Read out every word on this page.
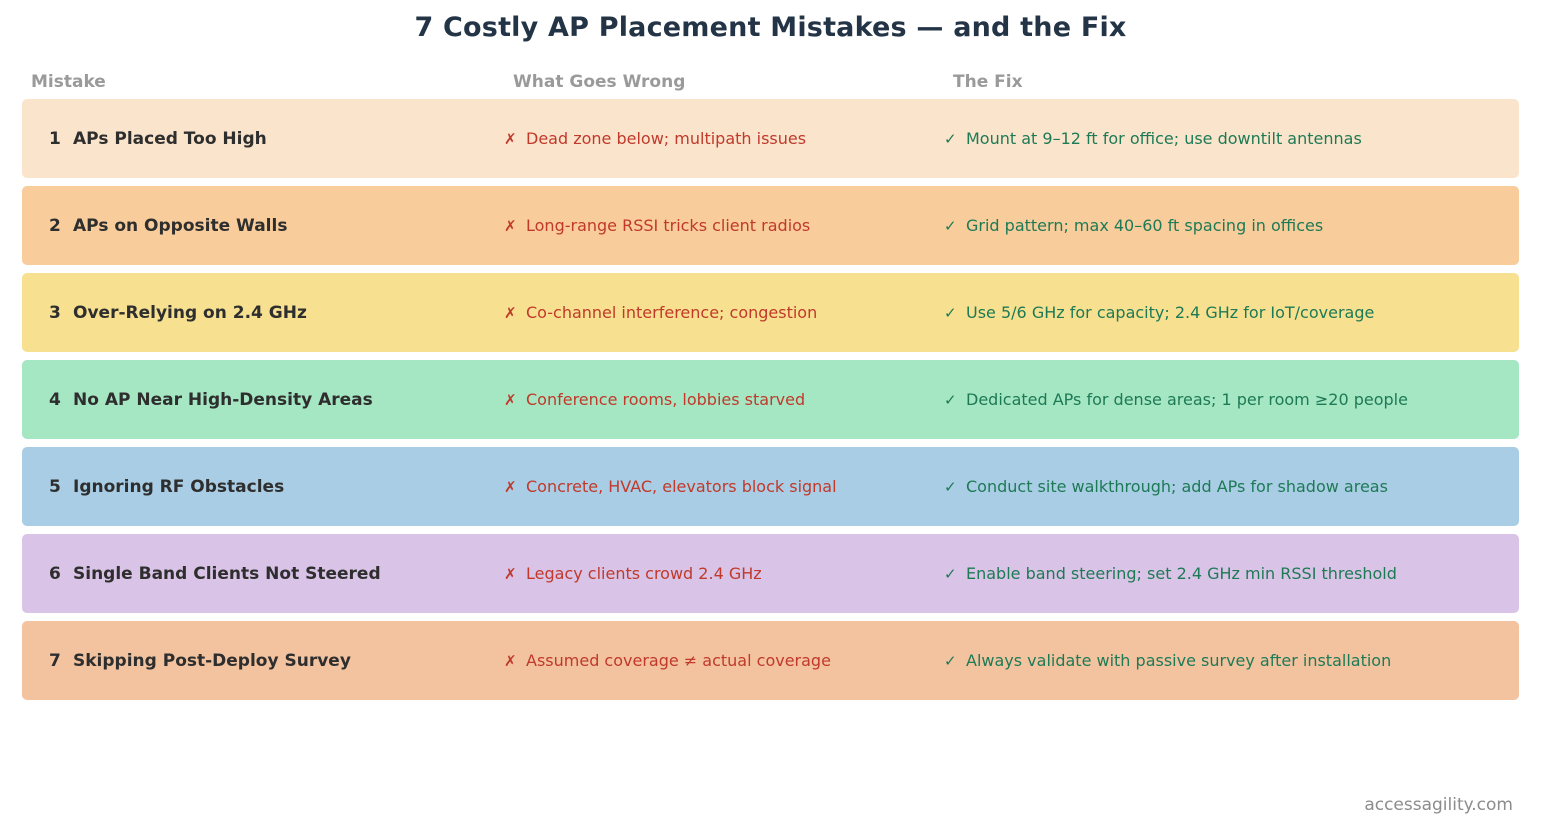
7 Costly AP Placement Mistakes — and the Fix
Mistake	What Goes Wrong	The Fix
1 APs Placed Too High	✗ Dead zone below; multipath issues	✓ Mount at 9–12 ft for office; use downtilt antennas
2 APs on Opposite Walls	✗ Long-range RSSI tricks client radios	✓ Grid pattern; max 40–60 ft spacing in offices
3 Over-Relying on 2.4 GHz	✗ Co-channel interference; congestion	✓ Use 5/6 GHz for capacity; 2.4 GHz for IoT/coverage
4 No AP Near High-Density Areas	✗ Conference rooms, lobbies starved	✓ Dedicated APs for dense areas; 1 per room ≥20 people
5 Ignoring RF Obstacles	✗ Concrete, HVAC, elevators block signal	✓ Conduct site walkthrough; add APs for shadow areas
6 Single Band Clients Not Steered	✗ Legacy clients crowd 2.4 GHz	✓ Enable band steering; set 2.4 GHz min RSSI threshold
7 Skipping Post-Deploy Survey	✗ Assumed coverage ≠ actual coverage	✓ Always validate with passive survey after installation
accessagility.com
